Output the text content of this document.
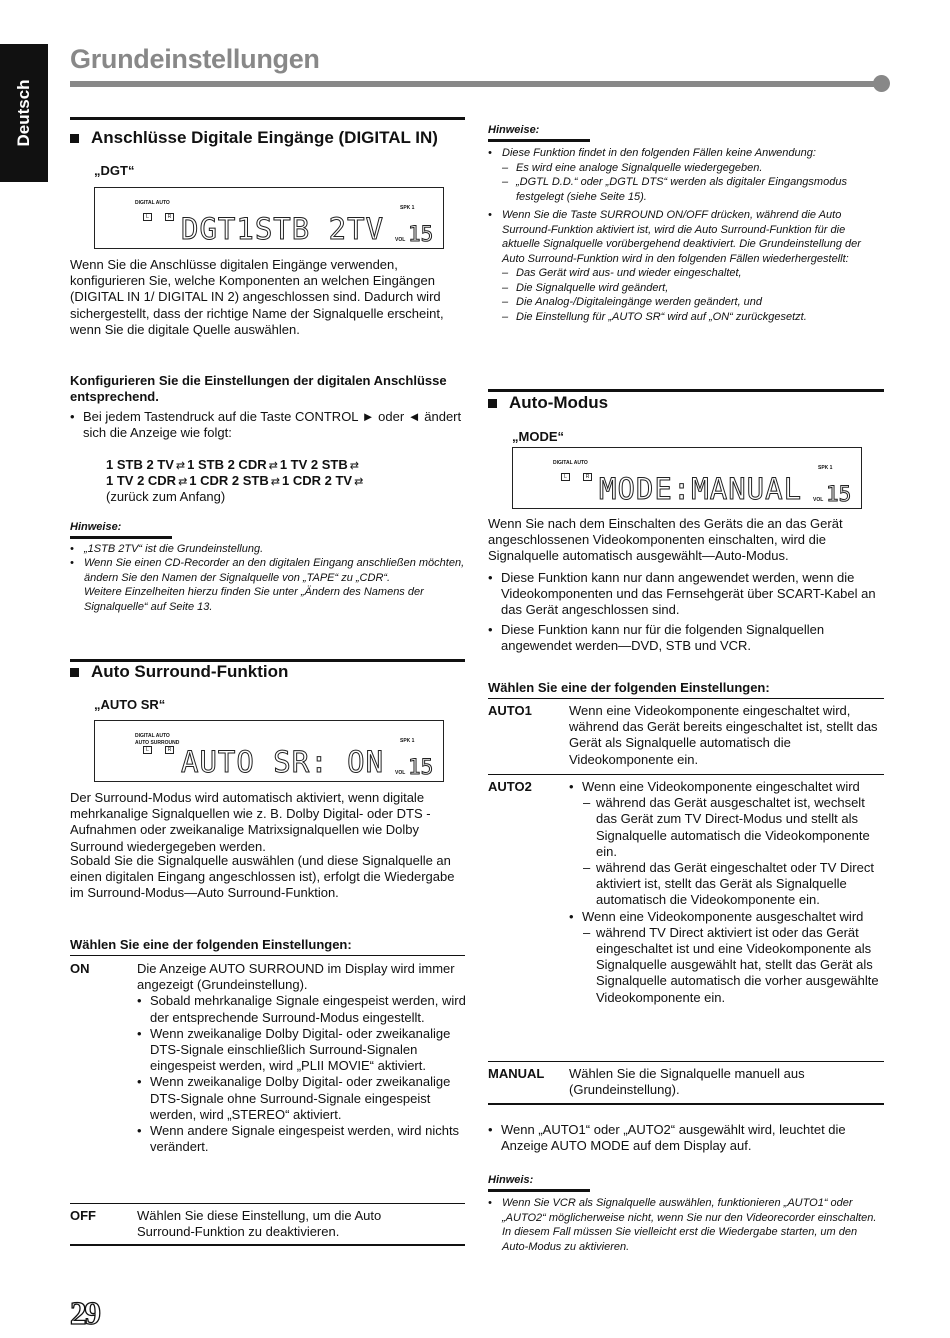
Deutsch
Grundeinstellungen
Anschlüsse Digitale Eingänge (DIGITAL IN)
„DGT“
DIGITAL AUTO
L	R
SPK 1
DGT1STB 2TV VOL 15
Wenn Sie die Anschlüsse digitalen Eingänge verwenden, konfigurieren Sie, welche Komponenten an welchen Eingängen (DIGITAL IN 1/ DIGITAL IN 2) angeschlossen sind. Dadurch wird sichergestellt, dass der richtige Name der Signalquelle erscheint, wenn Sie die digitale Quelle auswählen.
Konfigurieren Sie die Einstellungen der digitalen Anschlüsse entsprechend.
• Bei jedem Tastendruck auf die Taste CONTROL ► oder ◄ ändert sich die Anzeige wie folgt:
1 STB 2 TV ⇄ 1 STB 2 CDR ⇄ 1 TV 2 STB ⇄
1 TV 2 CDR ⇄ 1 CDR 2 STB ⇄ 1 CDR 2 TV ⇄
(zurück zum Anfang)
Hinweise:
• „1STB 2TV“ ist die Grundeinstellung.
• Wenn Sie einen CD-Recorder an den digitalen Eingang anschließen möchten, ändern Sie den Namen der Signalquelle von „TAPE“ zu „CDR“.
Weitere Einzelheiten hierzu finden Sie unter „Ändern des Namens der Signalquelle“ auf Seite 13.
Auto Surround-Funktion
„AUTO SR“
DIGITAL AUTO
AUTO SURROUND
L	R
SPK 1
AUTO SR: ON VOL 15
Der Surround-Modus wird automatisch aktiviert, wenn digitale mehrkanalige Signalquellen wie z. B. Dolby Digital- oder DTS -Aufnahmen oder zweikanalige Matrixsignalquellen wie Dolby Surround wiedergegeben werden.
Sobald Sie die Signalquelle auswählen (und diese Signalquelle an einen digitalen Eingang angeschlossen ist), erfolgt die Wiedergabe im Surround-Modus—Auto Surround-Funktion.
Wählen Sie eine der folgenden Einstellungen:
ON	Die Anzeige AUTO SURROUND im Display wird immer angezeigt (Grundeinstellung).
• Sobald mehrkanalige Signale eingespeist werden, wird der entsprechende Surround-Modus eingestellt.
• Wenn zweikanalige Dolby Digital- oder zweikanalige DTS-Signale einschließlich Surround-Signalen eingespeist werden, wird „PLII MOVIE“ aktiviert.
• Wenn zweikanalige Dolby Digital- oder zweikanalige DTS-Signale ohne Surround-Signale eingespeist werden, wird „STEREO“ aktiviert.
• Wenn andere Signale eingespeist werden, wird nichts verändert.
OFF	Wählen Sie diese Einstellung, um die Auto Surround-Funktion zu deaktivieren.
Hinweise:
• Diese Funktion findet in den folgenden Fällen keine Anwendung:
– Es wird eine analoge Signalquelle wiedergegeben.
– „DGTL D.D.“ oder „DGTL DTS“ werden als digitaler Eingangsmodus festgelegt (siehe Seite 15).
• Wenn Sie die Taste SURROUND ON/OFF drücken, während die Auto Surround-Funktion aktiviert ist, wird die Auto Surround-Funktion für die aktuelle Signalquelle vorübergehend deaktiviert. Die Grundeinstellung der Auto Surround-Funktion wird in den folgenden Fällen wiederhergestellt:
– Das Gerät wird aus- und wieder eingeschaltet,
– Die Signalquelle wird geändert,
– Die Analog-/Digitaleingänge werden geändert, und
– Die Einstellung für „AUTO SR“ wird auf „ON“ zurückgesetzt.
Auto-Modus
„MODE“
DIGITAL AUTO
L	R
SPK 1
MODE:MANUAL VOL 15
Wenn Sie nach dem Einschalten des Geräts die an das Gerät angeschlossenen Videokomponenten einschalten, wird die Signalquelle automatisch ausgewählt—Auto-Modus.
• Diese Funktion kann nur dann angewendet werden, wenn die Videokomponenten und das Fernsehgerät über SCART-Kabel an das Gerät angeschlossen sind.
• Diese Funktion kann nur für die folgenden Signalquellen angewendet werden—DVD, STB und VCR.
Wählen Sie eine der folgenden Einstellungen:
AUTO1	Wenn eine Videokomponente eingeschaltet wird, während das Gerät bereits eingeschaltet ist, stellt das Gerät als Signalquelle automatisch die Videokomponente ein.
AUTO2	• Wenn eine Videokomponente eingeschaltet wird
– während das Gerät ausgeschaltet ist, wechselt das Gerät zum TV Direct-Modus und stellt als Signalquelle automatisch die Videokomponente ein.
– während das Gerät eingeschaltet oder TV Direct aktiviert ist, stellt das Gerät als Signalquelle automatisch die Videokomponente ein.
• Wenn eine Videokomponente ausgeschaltet wird
– während TV Direct aktiviert ist oder das Gerät eingeschaltet ist und eine Videokomponente als Signalquelle ausgewählt hat, stellt das Gerät als Signalquelle automatisch die vorher ausgewählte Videokomponente ein.
MANUAL Wählen Sie die Signalquelle manuell aus (Grundeinstellung).
• Wenn „AUTO1“ oder „AUTO2“ ausgewählt wird, leuchtet die Anzeige AUTO MODE auf dem Display auf.
Hinweis:
• Wenn Sie VCR als Signalquelle auswählen, funktionieren „AUTO1“ oder „AUTO2“ möglicherweise nicht, wenn Sie nur den Videorecorder einschalten. In diesem Fall müssen Sie vielleicht erst die Wiedergabe starten, um den Auto-Modus zu aktivieren.
29
